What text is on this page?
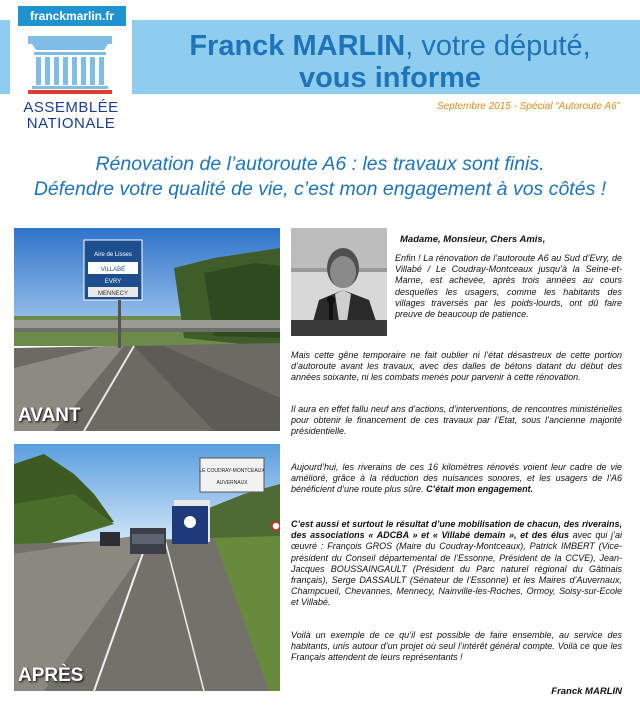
franckmarlin.fr
ASSEMBLÉE
NATIONALE
Franck MARLIN, votre député,
vous informe
Septembre 2015 - Spécial “Autoroute A6”
Rénovation de l’autoroute A6 : les travaux sont finis.
Défendre votre qualité de vie, c’est mon engagement à vos côtés !
Aire de Lisses
VILLABÉ
EVRY
MENNECY
AVANT
LE COUDRAY-MONTCEAUX
AUVERNAUX
APRÈS
Madame, Monsieur, Chers Amis,
Enfin ! La rénovation de l’autoroute A6 au Sud d’Evry, de Villabé / Le Coudray-Montceaux jusqu’à la Seine-et-Marne, est achevée, après trois années au cours desquelles les usagers, comme les habitants des villages traversés par les poids-lourds, ont dû faire preuve de beaucoup de patience.
Mais cette gêne temporaire ne fait oublier ni l’état désastreux de cette portion d’autoroute avant les travaux, avec des dalles de bétons datant du début des années soixante, ni les combats menés pour parvenir à cette rénovation.
Il aura en effet fallu neuf ans d’actions, d’interventions, de rencontres ministérielles pour obtenir le financement de ces travaux par l’Etat, sous l’ancienne majorité présidentielle.
Aujourd’hui, les riverains de ces 16 kilomètres rénovés voient leur cadre de vie amélioré, grâce à la réduction des nuisances sonores, et les usagers de l’A6 bénéficient d’une route plus sûre. C’était mon engagement.
C’est aussi et surtout le résultat d’une mobilisation de chacun, des riverains, des associations « ADCBA » et « Villabé demain », et des élus avec qui j’ai œuvré : François GROS (Maire du Coudray-Montceaux), Patrick IMBERT (Vice-président du Conseil départemental de l’Essonne, Président de la CCVE), Jean-Jacques BOUSSAINGAULT (Président du Parc naturel régional du Gâtinais français), Serge DASSAULT (Sénateur de l’Essonne) et les Maires d’Auvernaux, Champcueil, Chevannes, Mennecy, Nainville-les-Roches, Ormoy, Soisy-sur-Ecole et Villabé.
Voilà un exemple de ce qu’il est possible de faire ensemble, au service des habitants, unis autour d’un projet où seul l’intérêt général compte. Voilà ce que les Français attendent de leurs représentants !
Franck MARLIN
